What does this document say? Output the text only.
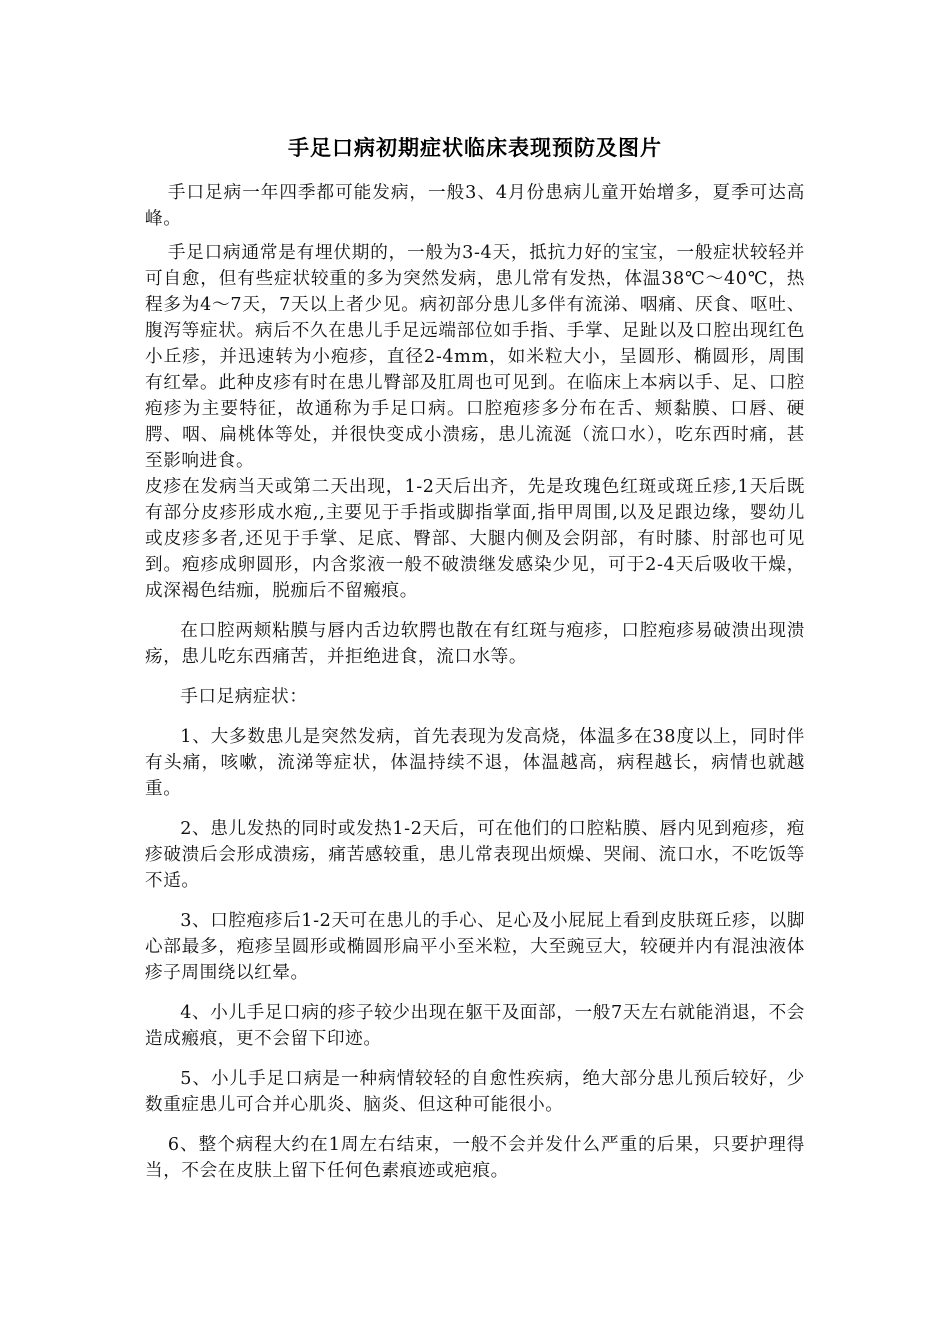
手足口病初期症状临床表现预防及图片

手口足病一年四季都可能发病，一般3、4月份患病儿童开始增多，夏季可达高峰。

手足口病通常是有埋伏期的，一般为3-4天，抵抗力好的宝宝，一般症状较轻并可自愈，但有些症状较重的多为突然发病，患儿常有发热，体温38℃～40℃，热程多为4～7天，7天以上者少见。病初部分患儿多伴有流涕、咽痛、厌食、呕吐、腹泻等症状。病后不久在患儿手足远端部位如手指、手掌、足趾以及口腔出现红色小丘疹，并迅速转为小疱疹，直径2-4mm，如米粒大小，呈圆形、椭圆形，周围有红晕。此种皮疹有时在患儿臀部及肛周也可见到。在临床上本病以手、足、口腔疱疹为主要特征，故通称为手足口病。口腔疱疹多分布在舌、颊黏膜、口唇、硬腭、咽、扁桃体等处，并很快变成小溃疡，患儿流涎（流口水），吃东西时痛，甚至影响进食。

皮疹在发病当天或第二天出现，1-2天后出齐，先是玫瑰色红斑或斑丘疹,1天后既有部分皮疹形成水疱,,主要见于手指或脚指掌面,指甲周围,以及足跟边缘，婴幼儿或皮疹多者,还见于手掌、足底、臀部、大腿内侧及会阴部，有时膝、肘部也可见到。疱疹成卵圆形，内含浆液一般不破溃继发感染少见，可于2-4天后吸收干燥，成深褐色结痂，脱痂后不留瘢痕。

在口腔两颊粘膜与唇内舌边软腭也散在有红斑与疱疹，口腔疱疹易破溃出现溃疡，患儿吃东西痛苦，并拒绝进食，流口水等。

手口足病症状：

1、大多数患儿是突然发病，首先表现为发高烧，体温多在38度以上，同时伴有头痛，咳嗽，流涕等症状，体温持续不退，体温越高，病程越长，病情也就越重。

2、患儿发热的同时或发热1-2天后，可在他们的口腔粘膜、唇内见到疱疹，疱疹破溃后会形成溃疡，痛苦感较重，患儿常表现出烦燥、哭闹、流口水，不吃饭等不适。

3、口腔疱疹后1-2天可在患儿的手心、足心及小屁屁上看到皮肤斑丘疹，以脚心部最多，疱疹呈圆形或椭圆形扁平小至米粒，大至豌豆大，较硬并内有混浊液体疹子周围绕以红晕。

4、小儿手足口病的疹子较少出现在躯干及面部，一般7天左右就能消退，不会造成瘢痕，更不会留下印迹。

5、小儿手足口病是一种病情较轻的自愈性疾病，绝大部分患儿预后较好，少数重症患儿可合并心肌炎、脑炎、但这种可能很小。

6、整个病程大约在1周左右结束，一般不会并发什么严重的后果，只要护理得当，不会在皮肤上留下任何色素痕迹或疤痕。
